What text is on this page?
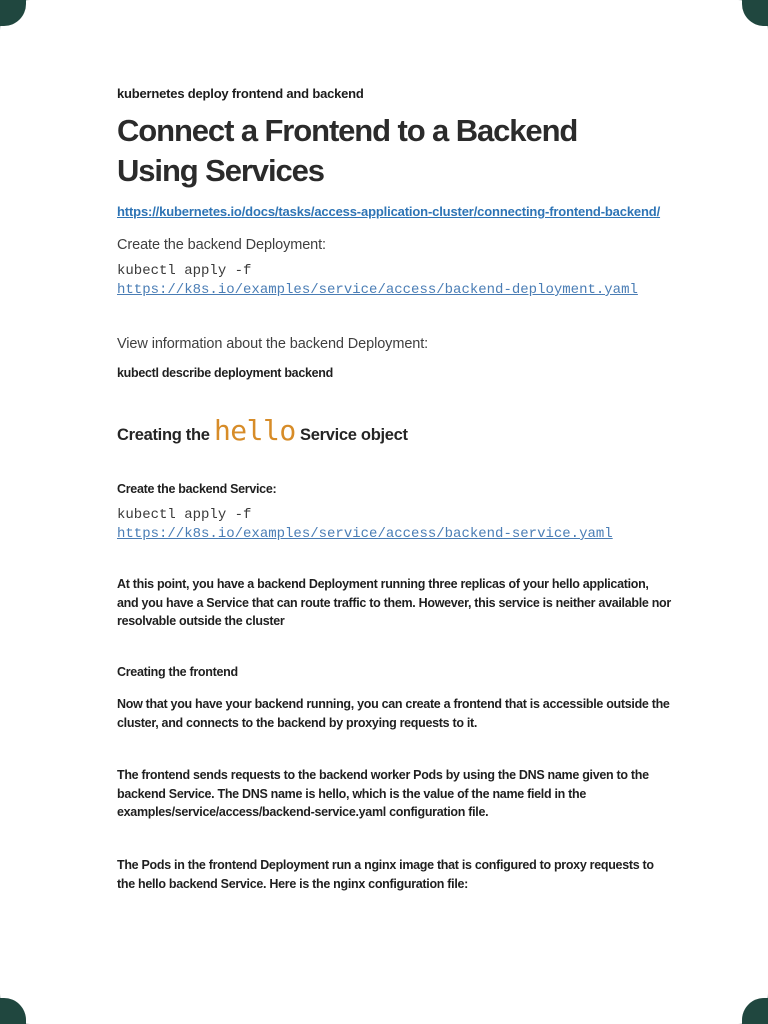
kubernetes deploy frontend and backend
Connect a Frontend to a Backend Using Services
https://kubernetes.io/docs/tasks/access-application-cluster/connecting-frontend-backend/
Create the backend Deployment:
kubectl apply -f
https://k8s.io/examples/service/access/backend-deployment.yaml
View information about the backend Deployment:
kubectl describe deployment backend
Creating the hello Service object
Create the backend Service:
kubectl apply -f
https://k8s.io/examples/service/access/backend-service.yaml

At this point, you have a backend Deployment running three replicas of your hello application, and you have a Service that can route traffic to them. However, this service is neither available nor resolvable outside the cluster

Creating the frontend

Now that you have your backend running, you can create a frontend that is accessible outside the cluster, and connects to the backend by proxying requests to it.

The frontend sends requests to the backend worker Pods by using the DNS name given to the backend Service. The DNS name is hello, which is the value of the name field in the examples/service/access/backend-service.yaml configuration file.

The Pods in the frontend Deployment run a nginx image that is configured to proxy requests to the hello backend Service. Here is the nginx configuration file:
